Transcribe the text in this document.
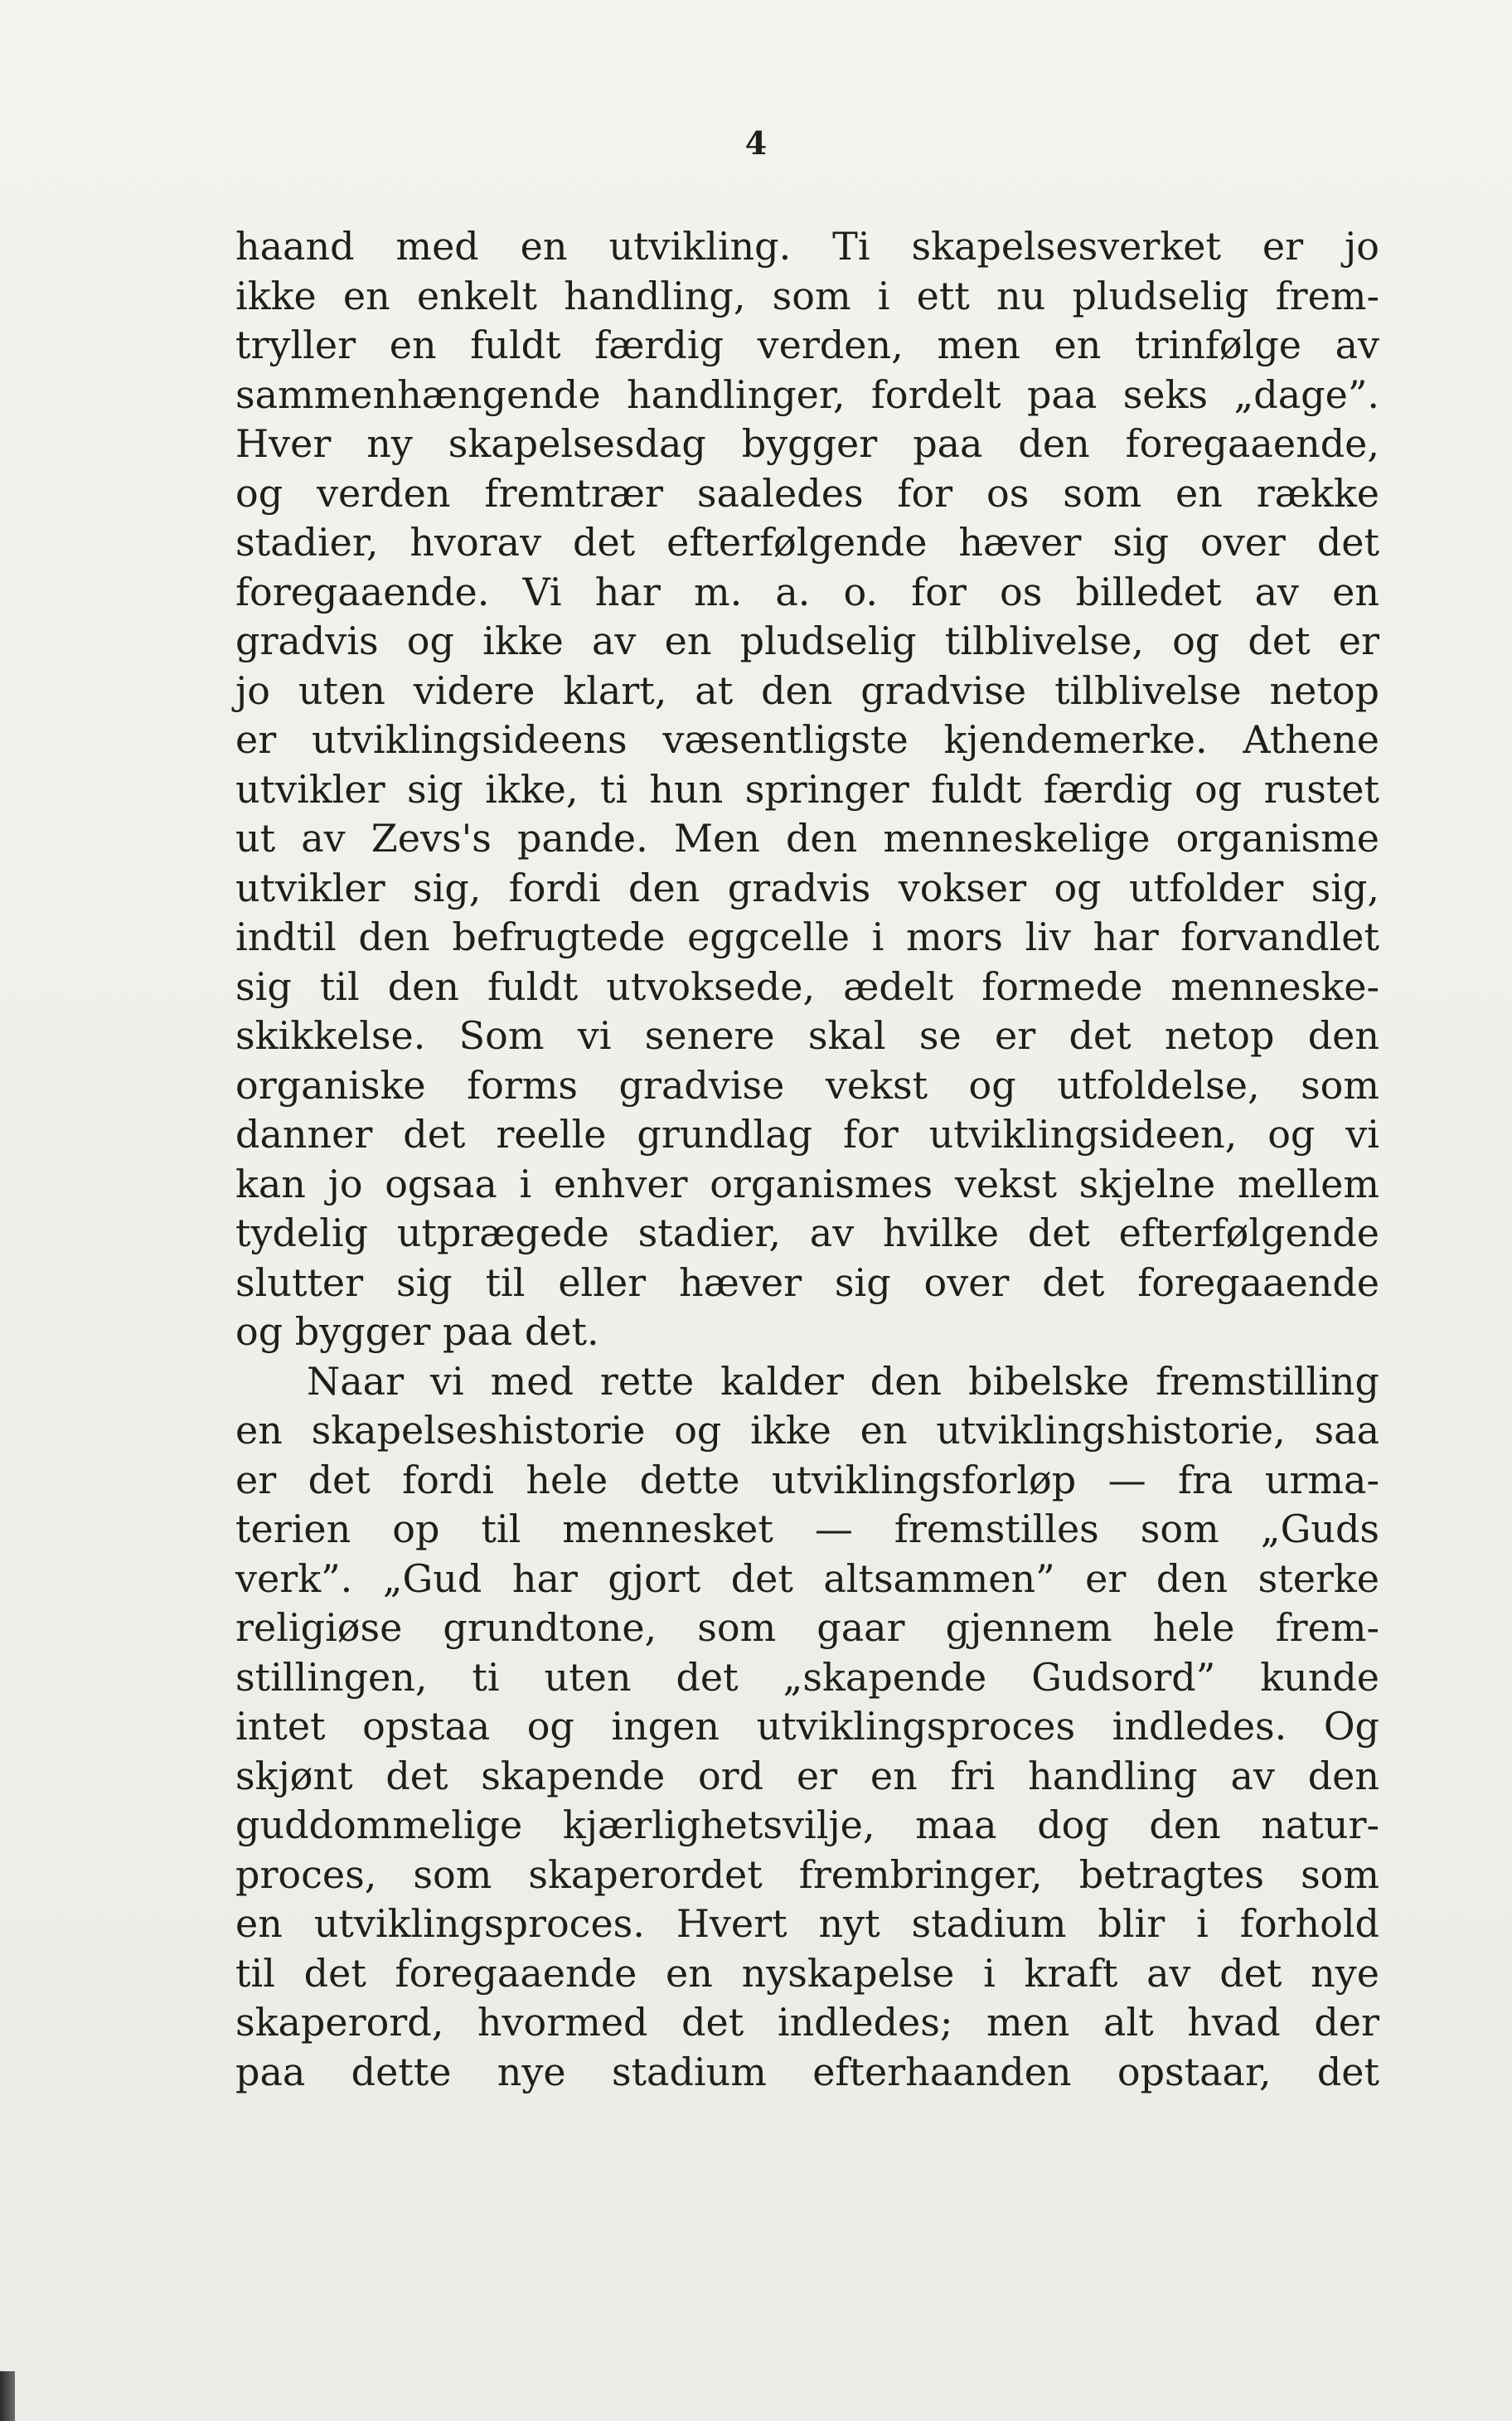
4
haand med en utvikling. Ti skapelsesverket er jo
ikke en enkelt handling, som i ett nu pludselig frem-
tryller en fuldt færdig verden, men en trinfølge av
sammenhængende handlinger, fordelt paa seks „dage”.
Hver ny skapelsesdag bygger paa den foregaaende,
og verden fremtrær saaledes for os som en række
stadier, hvorav det efterfølgende hæver sig over det
foregaaende. Vi har m. a. o. for os billedet av en
gradvis og ikke av en pludselig tilblivelse, og det er
jo uten videre klart, at den gradvise tilblivelse netop
er utviklingsideens væsentligste kjendemerke. Athene
utvikler sig ikke, ti hun springer fuldt færdig og rustet
ut av Zevs's pande. Men den menneskelige organisme
utvikler sig, fordi den gradvis vokser og utfolder sig,
indtil den befrugtede eggcelle i mors liv har forvandlet
sig til den fuldt utvoksede, ædelt formede menneske-
skikkelse. Som vi senere skal se er det netop den
organiske forms gradvise vekst og utfoldelse, som
danner det reelle grundlag for utviklingsideen, og vi
kan jo ogsaa i enhver organismes vekst skjelne mellem
tydelig utprægede stadier, av hvilke det efterfølgende
slutter sig til eller hæver sig over det foregaaende
og bygger paa det.
Naar vi med rette kalder den bibelske fremstilling
en skapelseshistorie og ikke en utviklingshistorie, saa
er det fordi hele dette utviklingsforløp — fra urma-
terien op til mennesket — fremstilles som „Guds
verk”. „Gud har gjort det altsammen” er den sterke
religiøse grundtone, som gaar gjennem hele frem-
stillingen, ti uten det „skapende Gudsord” kunde
intet opstaa og ingen utviklingsproces indledes. Og
skjønt det skapende ord er en fri handling av den
guddommelige kjærlighetsvilje, maa dog den natur-
proces, som skaperordet frembringer, betragtes som
en utviklingsproces. Hvert nyt stadium blir i forhold
til det foregaaende en nyskapelse i kraft av det nye
skaperord, hvormed det indledes; men alt hvad der
paa dette nye stadium efterhaanden opstaar, det
